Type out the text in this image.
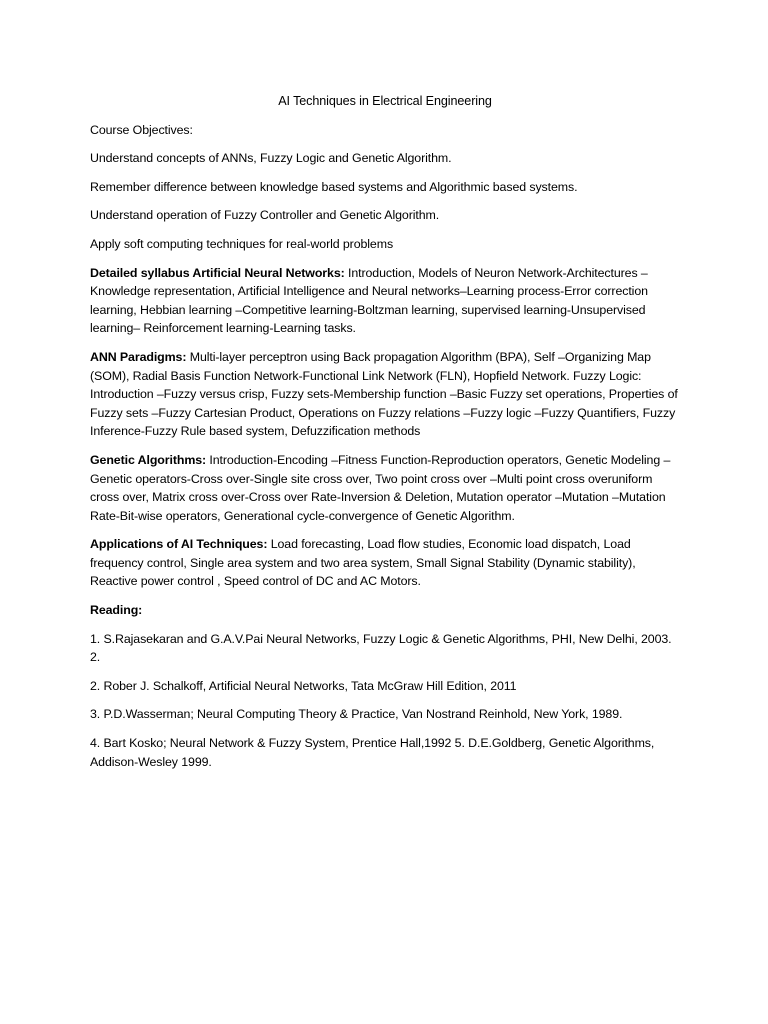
AI Techniques in Electrical Engineering
Course Objectives:
Understand concepts of ANNs, Fuzzy Logic and Genetic Algorithm.
Remember difference between knowledge based systems and Algorithmic based systems.
Understand operation of Fuzzy Controller and Genetic Algorithm.
Apply soft computing techniques for real-world problems
Detailed syllabus Artificial Neural Networks: Introduction, Models of Neuron Network-Architectures –Knowledge representation, Artificial Intelligence and Neural networks–Learning process-Error correction learning, Hebbian learning –Competitive learning-Boltzman learning, supervised learning-Unsupervised learning– Reinforcement learning-Learning tasks.
ANN Paradigms: Multi-layer perceptron using Back propagation Algorithm (BPA), Self –Organizing Map (SOM), Radial Basis Function Network-Functional Link Network (FLN), Hopfield Network. Fuzzy Logic: Introduction –Fuzzy versus crisp, Fuzzy sets-Membership function –Basic Fuzzy set operations, Properties of Fuzzy sets –Fuzzy Cartesian Product, Operations on Fuzzy relations –Fuzzy logic –Fuzzy Quantifiers, Fuzzy Inference-Fuzzy Rule based system, Defuzzification methods
Genetic Algorithms: Introduction-Encoding –Fitness Function-Reproduction operators, Genetic Modeling –Genetic operators-Cross over-Single site cross over, Two point cross over –Multi point cross overuniform cross over, Matrix cross over-Cross over Rate-Inversion & Deletion, Mutation operator –Mutation –Mutation Rate-Bit-wise operators, Generational cycle-convergence of Genetic Algorithm.
Applications of AI Techniques: Load forecasting, Load flow studies, Economic load dispatch, Load frequency control, Single area system and two area system, Small Signal Stability (Dynamic stability), Reactive power control , Speed control of DC and AC Motors.
Reading:
1. S.Rajasekaran and G.A.V.Pai Neural Networks, Fuzzy Logic & Genetic Algorithms, PHI, New Delhi, 2003. 2.
2. Rober J. Schalkoff, Artificial Neural Networks, Tata McGraw Hill Edition, 2011
3. P.D.Wasserman; Neural Computing Theory & Practice, Van Nostrand Reinhold, New York, 1989.
4. Bart Kosko; Neural Network & Fuzzy System, Prentice Hall,1992 5. D.E.Goldberg, Genetic Algorithms, Addison-Wesley 1999.
